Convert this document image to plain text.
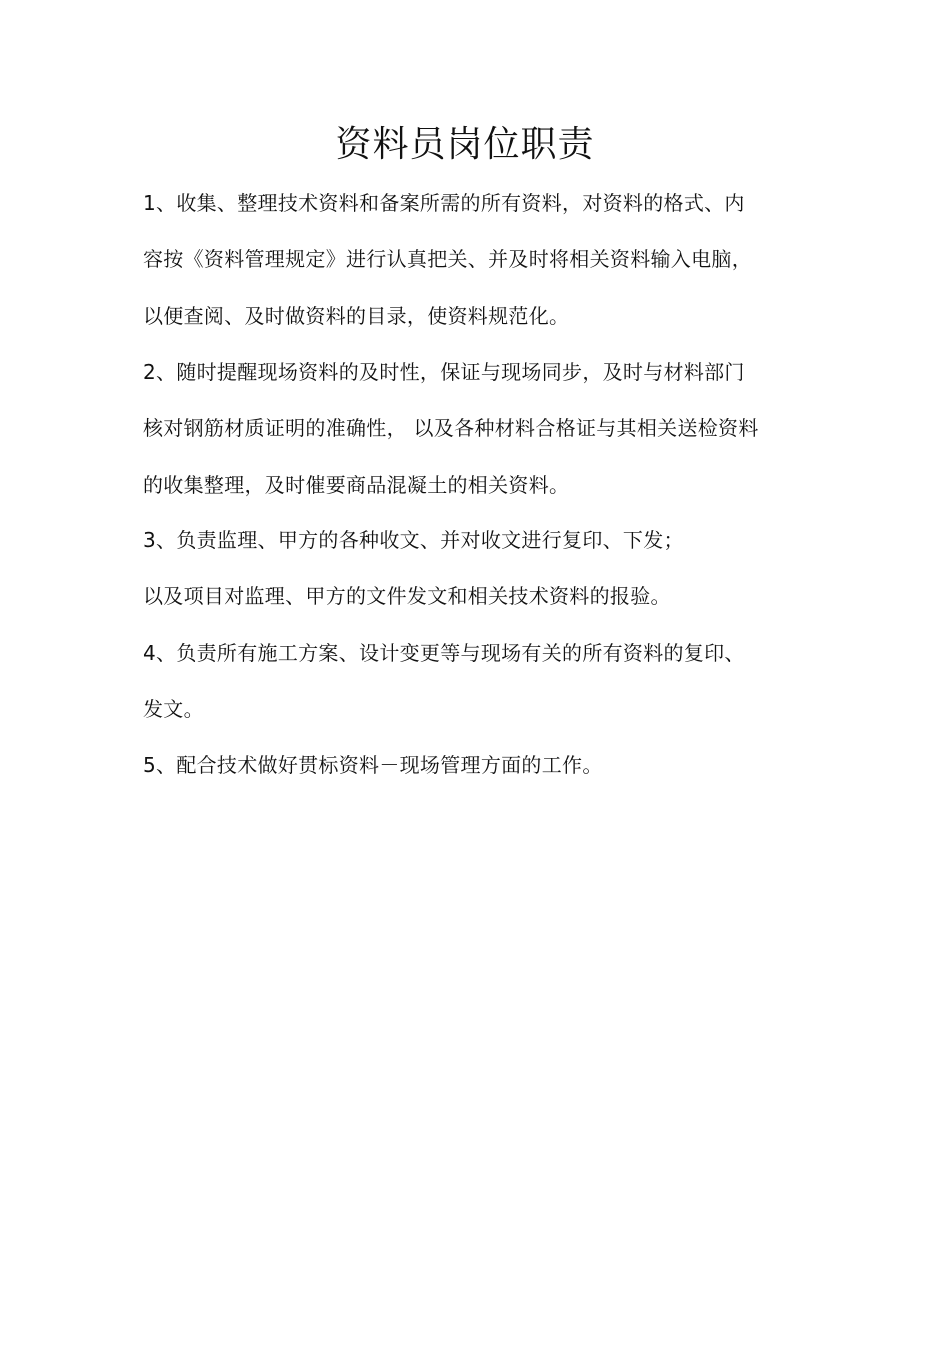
资料员岗位职责
1、收集、整理技术资料和备案所需的所有资料，对资料的格式、内
容按《资料管理规定》进行认真把关、并及时将相关资料输入电脑，
以便查阅、及时做资料的目录，使资料规范化。
2、随时提醒现场资料的及时性，保证与现场同步，及时与材料部门
核对钢筋材质证明的准确性， 以及各种材料合格证与其相关送检资料
的收集整理，及时催要商品混凝土的相关资料。
3、负责监理、甲方的各种收文、并对收文进行复印、下发；
以及项目对监理、甲方的文件发文和相关技术资料的报验。
4、负责所有施工方案、设计变更等与现场有关的所有资料的复印、
发文。
5、配合技术做好贯标资料－现场管理方面的工作。
